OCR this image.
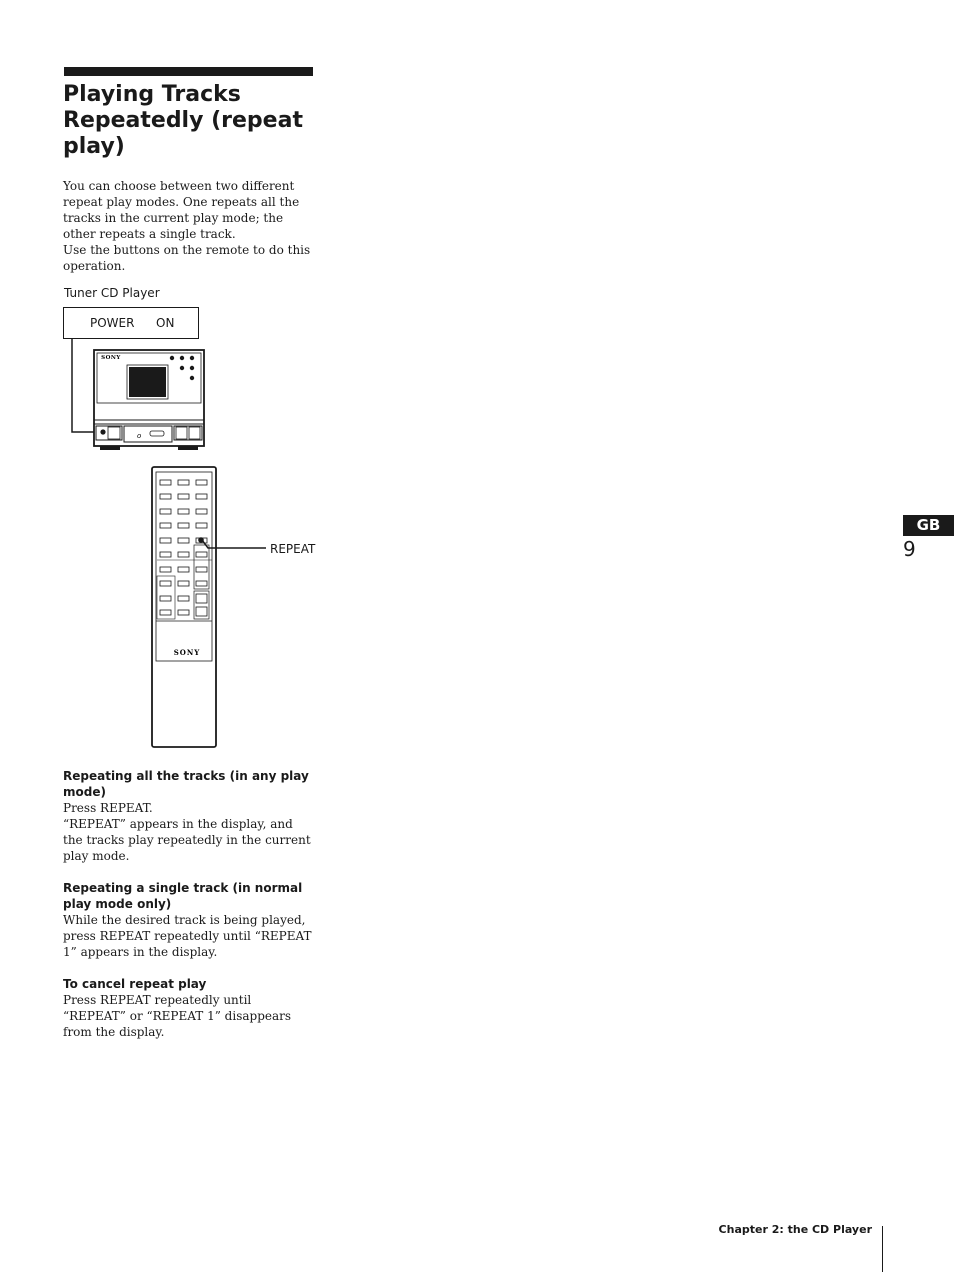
Playing Tracks Repeatedly (repeat play)
You can choose between two different repeat play modes. One repeats all the tracks in the current play mode; the other repeats a single track.
Use the buttons on the remote to do this operation.
Tuner CD Player
POWER ON
o
SONY
SONY
REPEAT
Repeating all the tracks (in any play mode)

Press REPEAT.
“REPEAT” appears in the display, and the tracks play repeatedly in the current play mode.

Repeating a single track (in normal play mode only)

While the desired track is being played, press REPEAT repeatedly until “REPEAT 1” appears in the display.

To cancel repeat play

Press REPEAT repeatedly until “REPEAT” or “REPEAT 1” disappears from the display.

GB
9
Chapter 2: the CD Player
